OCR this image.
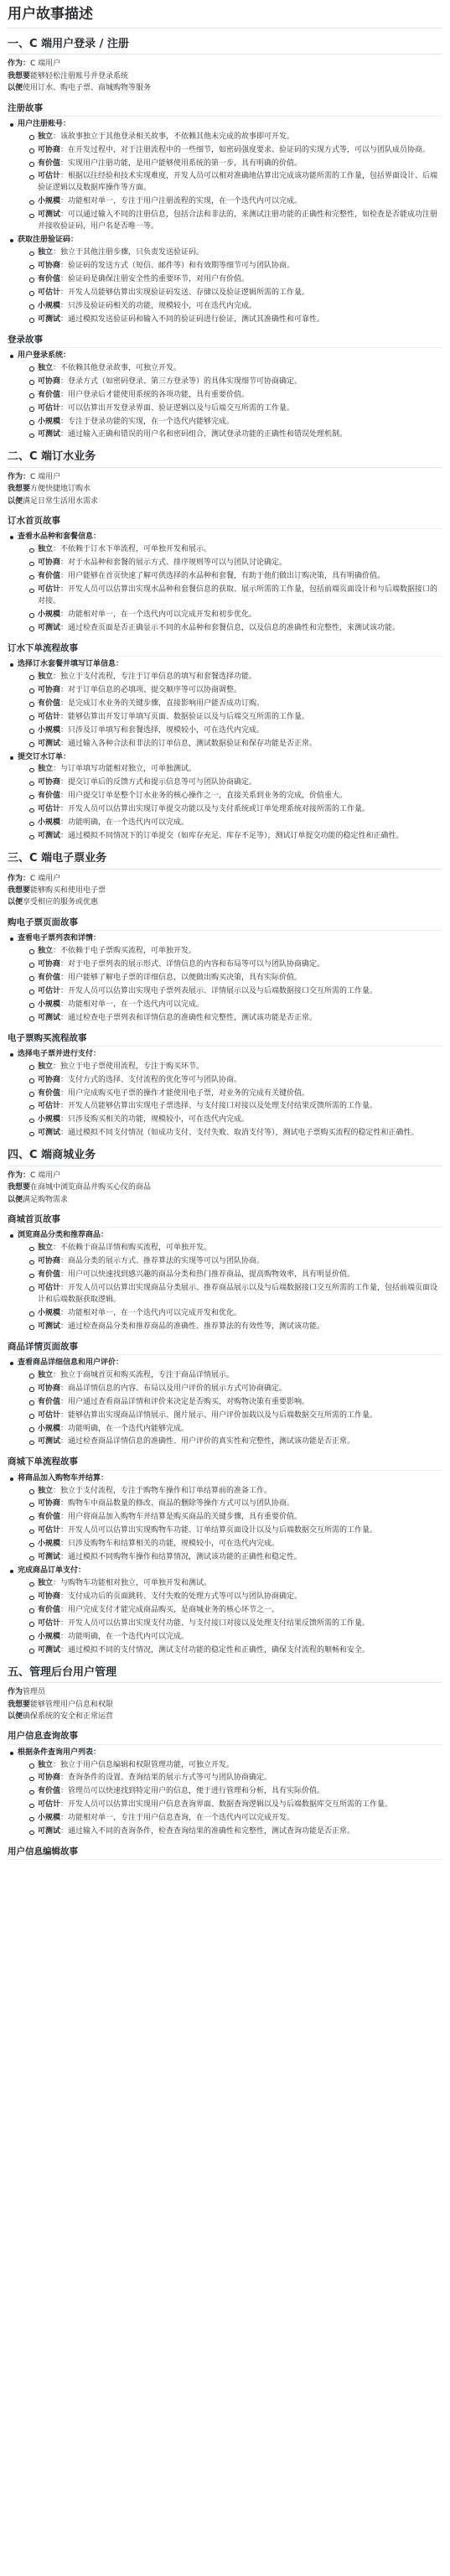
用户故事描述
一、C 端用户登录 / 注册

作为：C 端用户

我想要能够轻松注册账号并登录系统

以便使用订水、购电子票、商城购物等服务

注册故事
用户注册账号：
独立：该故事独立于其他登录相关故事，不依赖其他未完成的故事即可开发。
可协商：在开发过程中，对于注册流程中的一些细节，如密码强度要求、验证码的实现方式等，可以与团队成员协商。
有价值：实现用户注册功能，是用户能够使用系统的第一步，具有明确的价值。
可估计：根据以往经验和技术实现难度，开发人员可以相对准确地估算出完成该功能所需的工作量，包括界面设计、后端验证逻辑以及数据库操作等方面。
小规模：功能相对单一，专注于用户注册流程的实现，在一个迭代内可以完成。
可测试：可以通过输入不同的注册信息，包括合法和非法的，来测试注册功能的正确性和完整性，如检查是否能成功注册并接收验证码，用户名是否唯一等。
获取注册验证码：
独立：独立于其他注册步骤，只负责发送验证码。
可协商：验证码的发送方式（短信、邮件等）和有效期等细节可与团队协商。
有价值：验证码是确保注册安全性的重要环节，对用户有价值。
可估计：开发人员能够估算出实现验证码发送、存储以及验证逻辑所需的工作量。
小规模：只涉及验证码相关的功能，规模较小，可在迭代内完成。
可测试：通过模拟发送验证码和输入不同的验证码进行验证，测试其准确性和可靠性。
登录故事
用户登录系统：
独立：不依赖其他登录故事，可独立开发。
可协商：登录方式（如密码登录、第三方登录等）的具体实现细节可协商确定。
有价值：用户登录后才能使用系统的各项功能，具有重要价值。
可估计：可以估算出开发登录界面、验证逻辑以及与后端交互所需的工作量。
小规模：专注于登录功能的实现，在一个迭代内能够完成。
可测试：通过输入正确和错误的用户名和密码组合，测试登录功能的正确性和错误处理机制。
二、C 端订水业务

作为：C 端用户

我想要方便快捷地订购水

以便满足日常生活用水需求

订水首页故事
查看水品种和套餐信息：
独立：不依赖于订水下单流程，可单独开发和展示。
可协商：对于水品种和套餐的展示方式、排序规则等可以与团队讨论确定。
有价值：用户能够在首页快速了解可供选择的水品种和套餐，有助于他们做出订购决策，具有明确价值。
可估计：开发人员可以估算出实现水品种和套餐信息的获取、展示所需的工作量，包括前端页面设计和与后端数据接口的对接。
小规模：功能相对单一，在一个迭代内可以完成开发和初步优化。
可测试：通过检查页面是否正确显示不同的水品种和套餐信息，以及信息的准确性和完整性，来测试该功能。
订水下单流程故事
选择订水套餐并填写订单信息：
独立：独立于支付流程，专注于订单信息的填写和套餐选择功能。
可协商：对于订单信息的必填项、提交顺序等可以协商调整。
有价值：是完成订水业务的关键步骤，直接影响用户能否成功订购。
可估计：能够估算出开发订单填写页面、数据验证以及与后端交互所需的工作量。
小规模：只涉及订单填写和套餐选择，规模较小，可在迭代内完成。
可测试：通过输入各种合法和非法的订单信息，测试数据验证和保存功能是否正常。
提交订水订单：
独立：与订单填写功能相对独立，可单独测试。
可协商：提交订单后的反馈方式和提示信息等可与团队协商确定。
有价值：用户提交订单是整个订水业务的核心操作之一，直接关系到业务的完成，价值重大。
可估计：开发人员可以估算出实现订单提交功能以及与支付系统或订单处理系统对接所需的工作量。
小规模：功能明确，在一个迭代内可以完成。
可测试：通过模拟不同情况下的订单提交（如库存充足、库存不足等），测试订单提交功能的稳定性和正确性。
三、C 端电子票业务

作为：C 端用户

我想要能够购买和使用电子票

以便享受相应的服务或优惠

购电子票页面故事
查看电子票列表和详情：
独立：不依赖于电子票购买流程，可单独开发。
可协商：对于电子票列表的展示形式、详情信息的内容和布局等可以与团队协商确定。
有价值：用户能够了解电子票的详细信息，以便做出购买决策，具有实际价值。
可估计：开发人员可以估算出实现电子票列表展示、详情展示以及与后端数据接口交互所需的工作量。
小规模：功能相对单一，在一个迭代内可以完成。
可测试：通过检查电子票列表和详情信息的准确性和完整性，测试该功能是否正常。
电子票购买流程故事
选择电子票并进行支付：
独立：独立于电子票使用流程，专注于购买环节。
可协商：支付方式的选择、支付流程的优化等可与团队协商。
有价值：用户完成购买电子票的操作才能使用电子票，对业务的完成有关键价值。
可估计：开发人员能够估算出实现电子票选择、与支付接口对接以及处理支付结果反馈所需的工作量。
小规模：只涉及购买相关的功能，规模较小，可在迭代内完成。
可测试：通过模拟不同支付情况（如成功支付、支付失败、取消支付等），测试电子票购买流程的稳定性和正确性。
四、C 端商城业务

作为：C 端用户

我想要在商城中浏览商品并购买心仪的商品

以便满足购物需求

商城首页故事
浏览商品分类和推荐商品：
独立：不依赖于商品详情和购买流程，可单独开发。
可协商：商品分类的展示方式、推荐算法的实现等可以与团队协商。
有价值：用户可以快速找到感兴趣的商品分类和热门推荐商品，提高购物效率，具有明显价值。
可估计：开发人员可以估算出实现商品分类展示、推荐商品展示以及与后端数据接口交互所需的工作量，包括前端页面设计和后端数据获取逻辑。
小规模：功能相对单一，在一个迭代内可以完成开发和优化。
可测试：通过检查商品分类和推荐商品的准确性、推荐算法的有效性等，测试该功能。
商品详情页面故事
查看商品详细信息和用户评价：
独立：独立于商城首页和购买流程，专注于商品详情展示。
可协商：商品详情信息的内容、布局以及用户评价的展示方式可协商确定。
有价值：用户通过查看商品详情和评价来决定是否购买，对购物决策有重要影响。
可估计：能够估算出实现商品详情展示、图片展示、用户评价加载以及与后端数据交互所需的工作量。
小规模：功能明确，在一个迭代内能够完成。
可测试：通过检查商品详情信息的准确性、用户评价的真实性和完整性，测试该功能是否正常。
商城下单流程故事
将商品加入购物车并结算：
独立：独立于支付流程，专注于购物车操作和订单结算前的准备工作。
可协商：购物车中商品数量的修改、商品的删除等操作方式可以与团队协商。
有价值：用户将商品加入购物车并结算是购买商品的关键步骤，具有重要价值。
可估计：开发人员可以估算出实现购物车功能、订单结算页面设计以及与后端数据交互所需的工作量。
小规模：只涉及购物车和结算相关的功能，规模较小，可在迭代内完成。
可测试：通过模拟不同购物车操作和结算情况，测试该功能的正确性和稳定性。
完成商品订单支付：
独立：与购物车功能相对独立，可单独开发和测试。
可协商：支付成功后的页面跳转、支付失败的处理方式等可以与团队协商确定。
有价值：用户完成支付才能完成商品购买，是商城业务的核心环节之一。
可估计：开发人员可以估算出实现支付功能、与支付接口对接以及处理支付结果反馈所需的工作量。
小规模：功能明确，在一个迭代内可以完成。
可测试：通过模拟不同的支付情况，测试支付功能的稳定性和正确性，确保支付流程的顺畅和安全。
五、管理后台用户管理

作为管理员

我想要能够管理用户信息和权限

以便确保系统的安全和正常运营

用户信息查询故事
根据条件查询用户列表：
独立：独立于用户信息编辑和权限管理功能，可独立开发。
可协商：查询条件的设置、查询结果的展示方式等可与团队协商确定。
有价值：管理员可以快速找到特定用户的信息，便于进行管理和分析，具有实际价值。
可估计：开发人员可以估算出实现用户信息查询界面、数据查询逻辑以及与后端数据库交互所需的工作量。
小规模：功能相对单一，专注于用户信息查询，在一个迭代内可以完成开发。
可测试：通过输入不同的查询条件，检查查询结果的准确性和完整性，测试查询功能是否正常。
用户信息编辑故事
